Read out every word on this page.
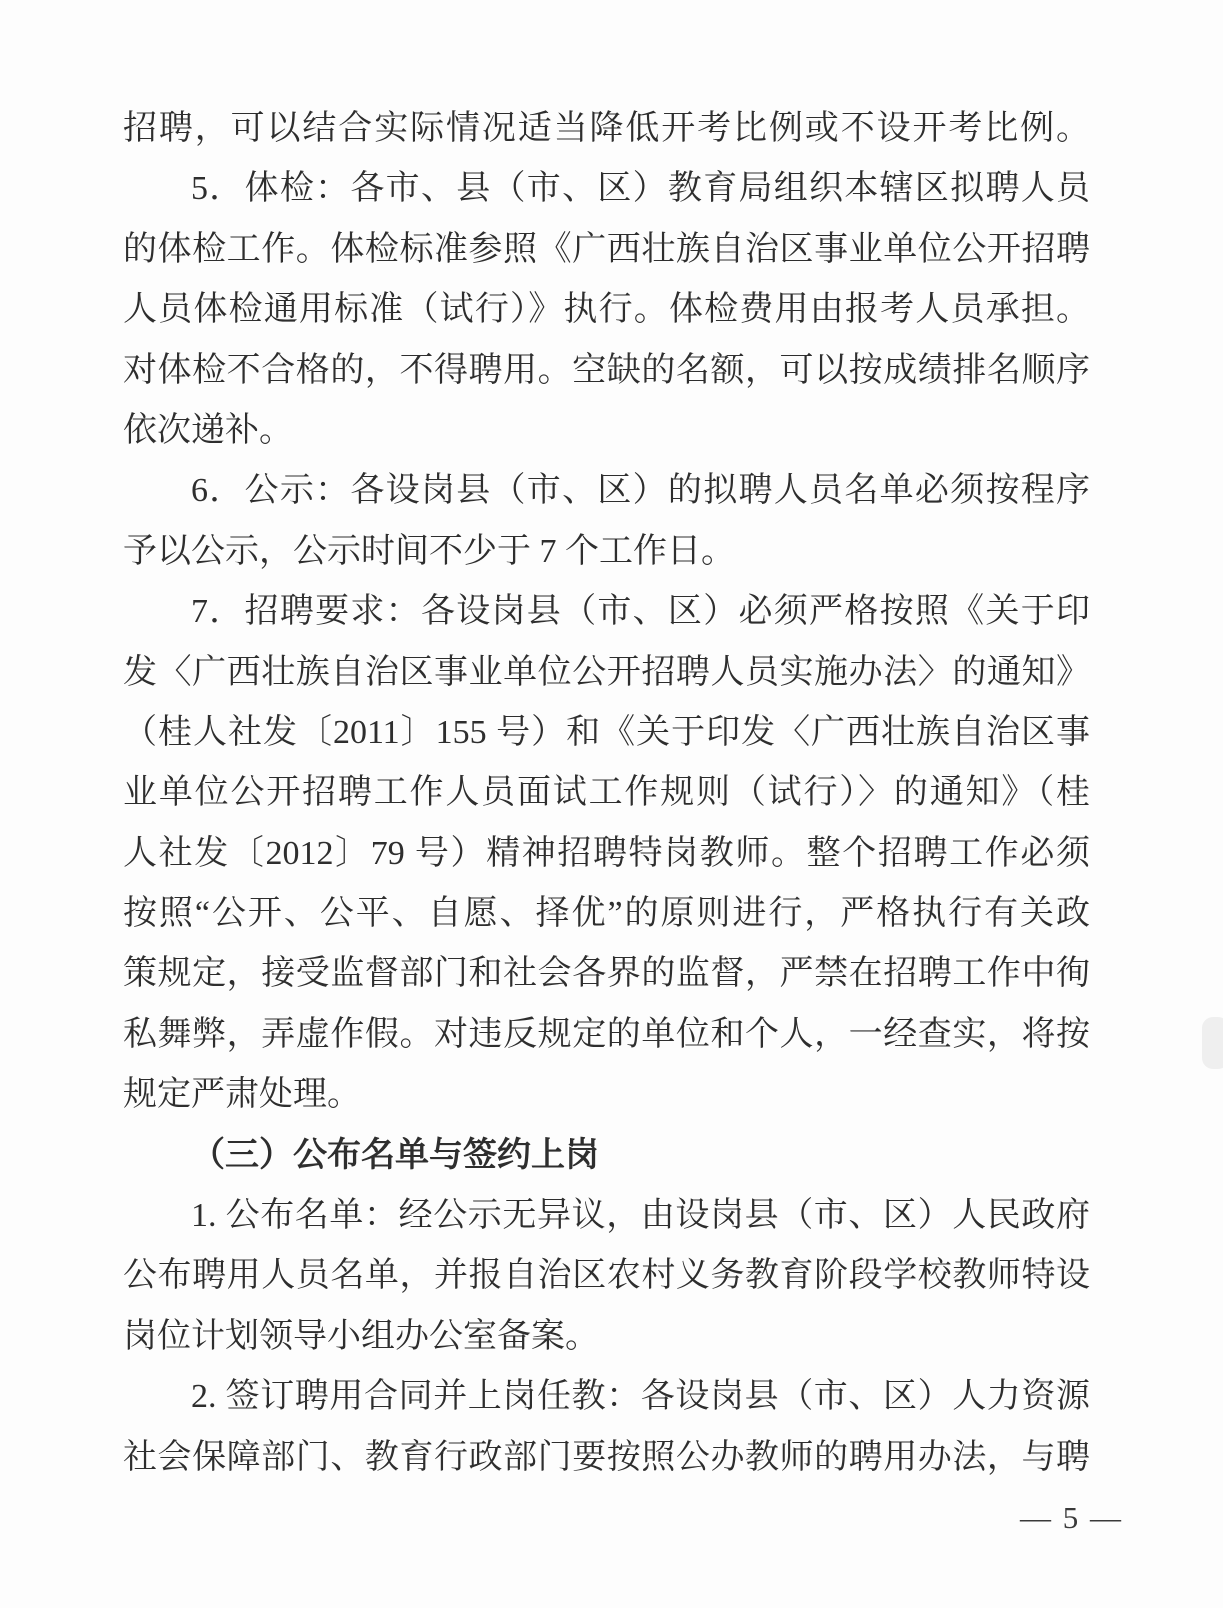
招聘，可以结合实际情况适当降低开考比例或不设开考比例。
5．体检：各市、县（市、区）教育局组织本辖区拟聘人员
的体检工作。体检标准参照《广西壮族自治区事业单位公开招聘
人员体检通用标准（试行）》执行。体检费用由报考人员承担。
对体检不合格的，不得聘用。空缺的名额，可以按成绩排名顺序
依次递补。
6．公示：各设岗县（市、区）的拟聘人员名单必须按程序
予以公示，公示时间不少于 7 个工作日。
7．招聘要求：各设岗县（市、区）必须严格按照《关于印
发〈广西壮族自治区事业单位公开招聘人员实施办法〉的通知》
（桂人社发〔2011〕155 号）和《关于印发〈广西壮族自治区事
业单位公开招聘工作人员面试工作规则（试行）〉的通知》（桂
人社发〔2012〕79 号）精神招聘特岗教师。整个招聘工作必须
按照“公开、公平、自愿、择优”的原则进行，严格执行有关政
策规定，接受监督部门和社会各界的监督，严禁在招聘工作中徇
私舞弊，弄虚作假。对违反规定的单位和个人，一经查实，将按
规定严肃处理。
（三）公布名单与签约上岗
1. 公布名单：经公示无异议，由设岗县（市、区）人民政府
公布聘用人员名单，并报自治区农村义务教育阶段学校教师特设
岗位计划领导小组办公室备案。
2. 签订聘用合同并上岗任教：各设岗县（市、区）人力资源
社会保障部门、教育行政部门要按照公办教师的聘用办法，与聘
— 5 —
